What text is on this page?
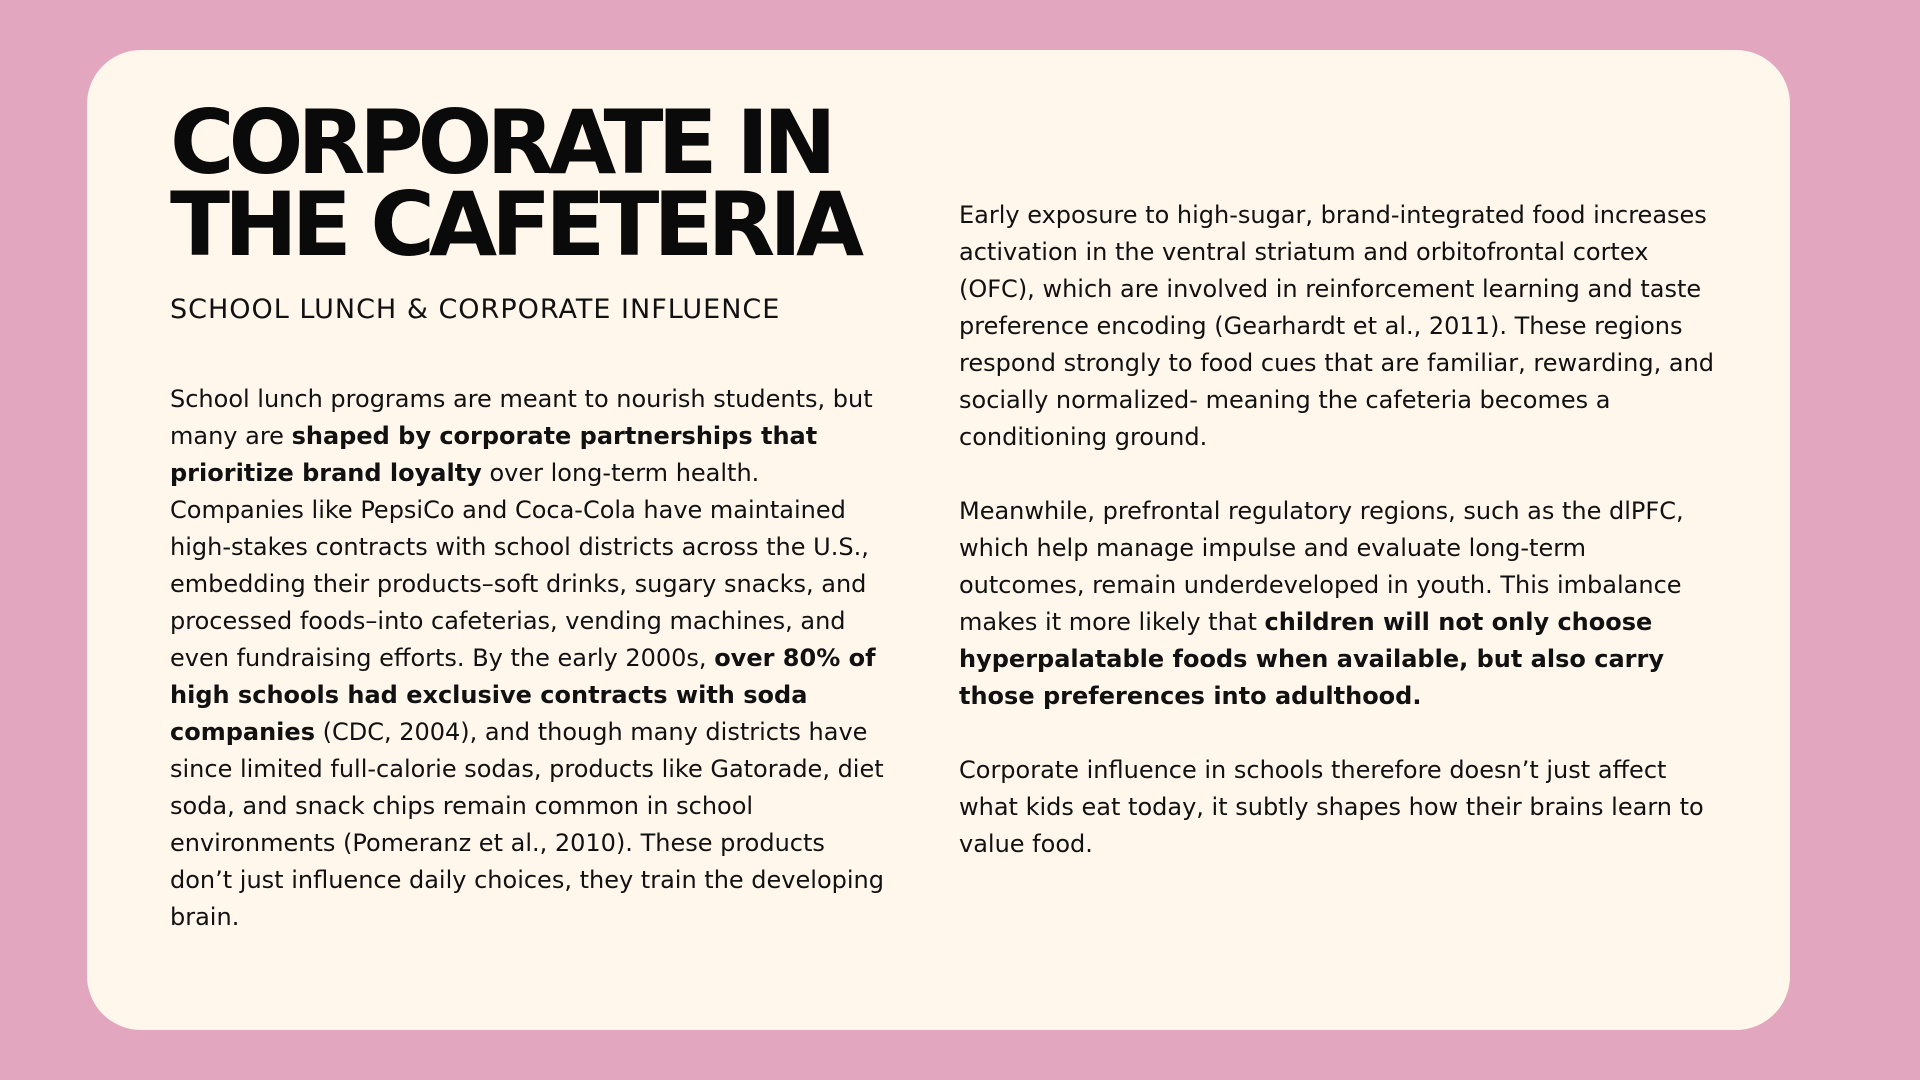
CORPORATE IN
THE CAFETERIA
SCHOOL LUNCH & CORPORATE INFLUENCE

School lunch programs are meant to nourish students, but many are shaped by corporate partnerships that prioritize brand loyalty over long-term health. Companies like PepsiCo and Coca-Cola have maintained high-stakes contracts with school districts across the U.S., embedding their products–soft drinks, sugary snacks, and processed foods–into cafeterias, vending machines, and even fundraising efforts. By the early 2000s, over 80% of high schools had exclusive contracts with soda companies (CDC, 2004), and though many districts have since limited full-calorie sodas, products like Gatorade, diet soda, and snack chips remain common in school environments (Pomeranz et al., 2010). These products don’t just influence daily choices, they train the developing brain.

Early exposure to high-sugar, brand-integrated food increases activation in the ventral striatum and orbitofrontal cortex (OFC), which are involved in reinforcement learning and taste preference encoding (Gearhardt et al., 2011). These regions respond strongly to food cues that are familiar, rewarding, and socially normalized- meaning the cafeteria becomes a conditioning ground.

Meanwhile, prefrontal regulatory regions, such as the dlPFC, which help manage impulse and evaluate long-term outcomes, remain underdeveloped in youth. This imbalance makes it more likely that children will not only choose hyperpalatable foods when available, but also carry those preferences into adulthood.

Corporate influence in schools therefore doesn’t just affect what kids eat today, it subtly shapes how their brains learn to value food.
